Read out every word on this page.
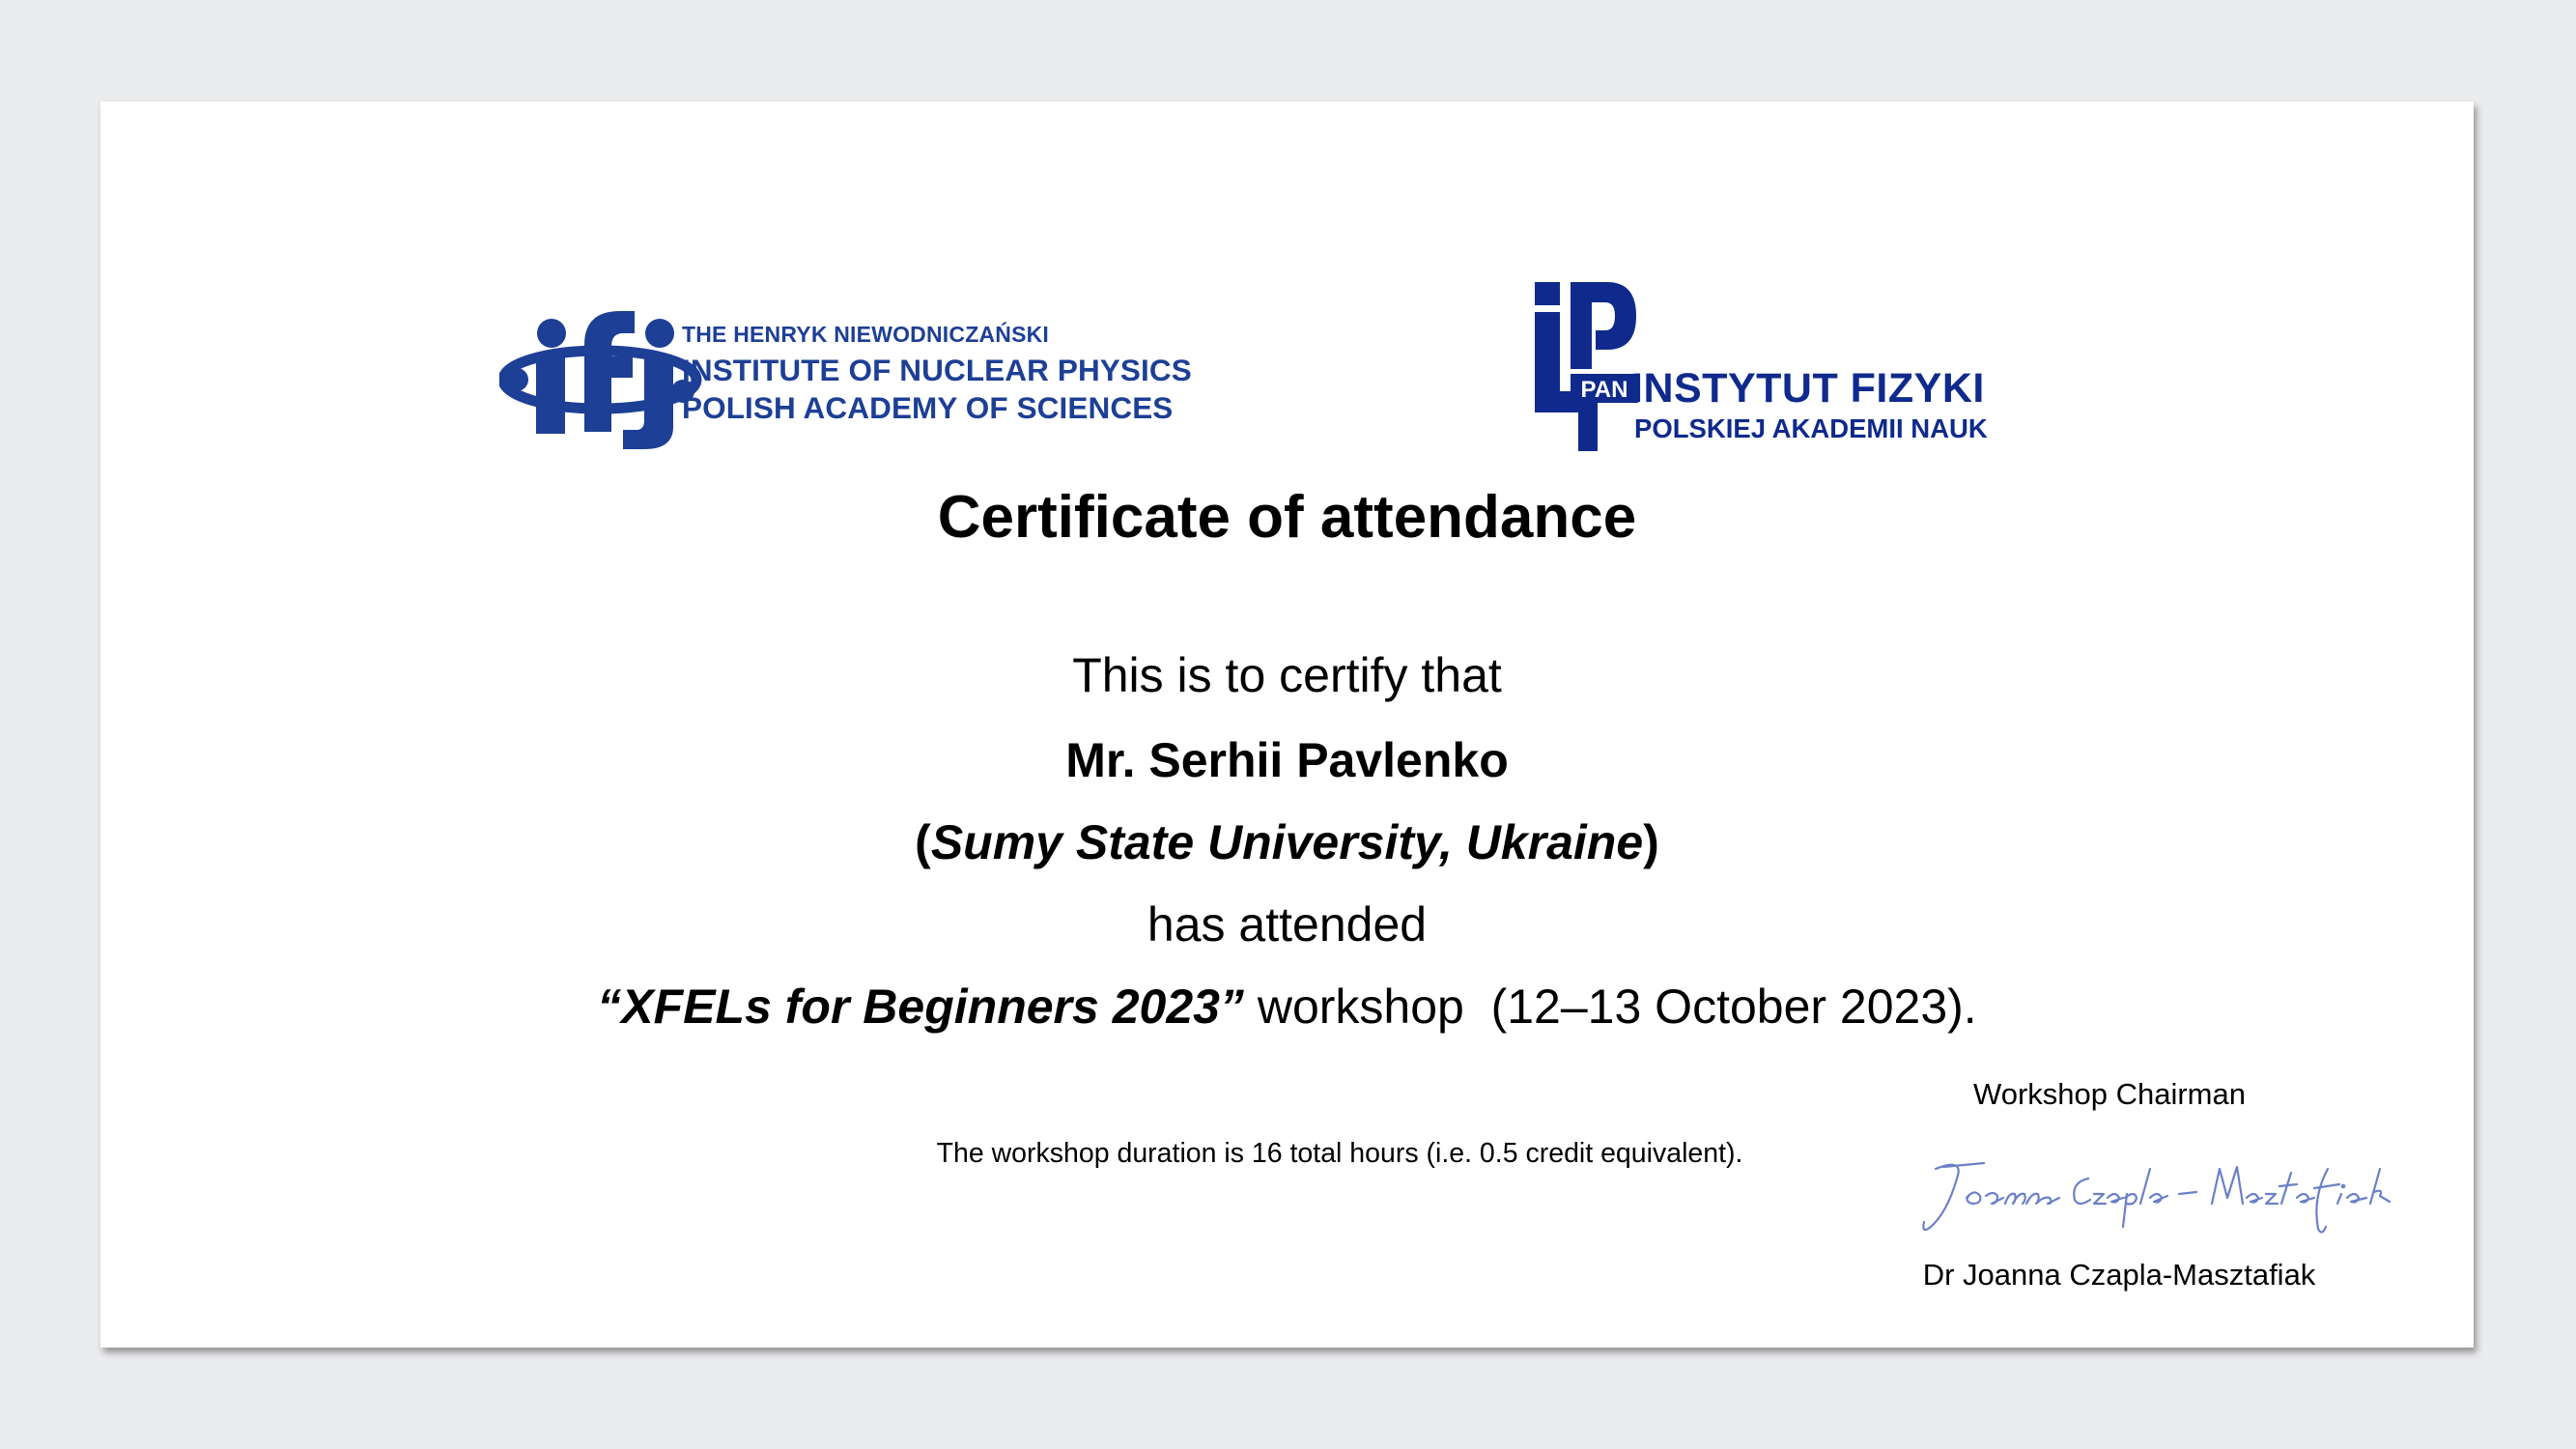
THE HENRYK NIEWODNICZAŃSKI
INSTITUTE OF NUCLEAR PHYSICS
POLISH ACADEMY OF SCIENCES	PAN INSTYTUT FIZYKI
POLSKIEJ AKADEMII NAUK
Certificate of attendance
This is to certify that
Mr. Serhii Pavlenko
(Sumy State University, Ukraine)
has attended
“XFELs for Beginners 2023” workshop  (12–13 October 2023).
The workshop duration is 16 total hours (i.e. 0.5 credit equivalent).
Workshop Chairman
Dr Joanna Czapla-Masztafiak
